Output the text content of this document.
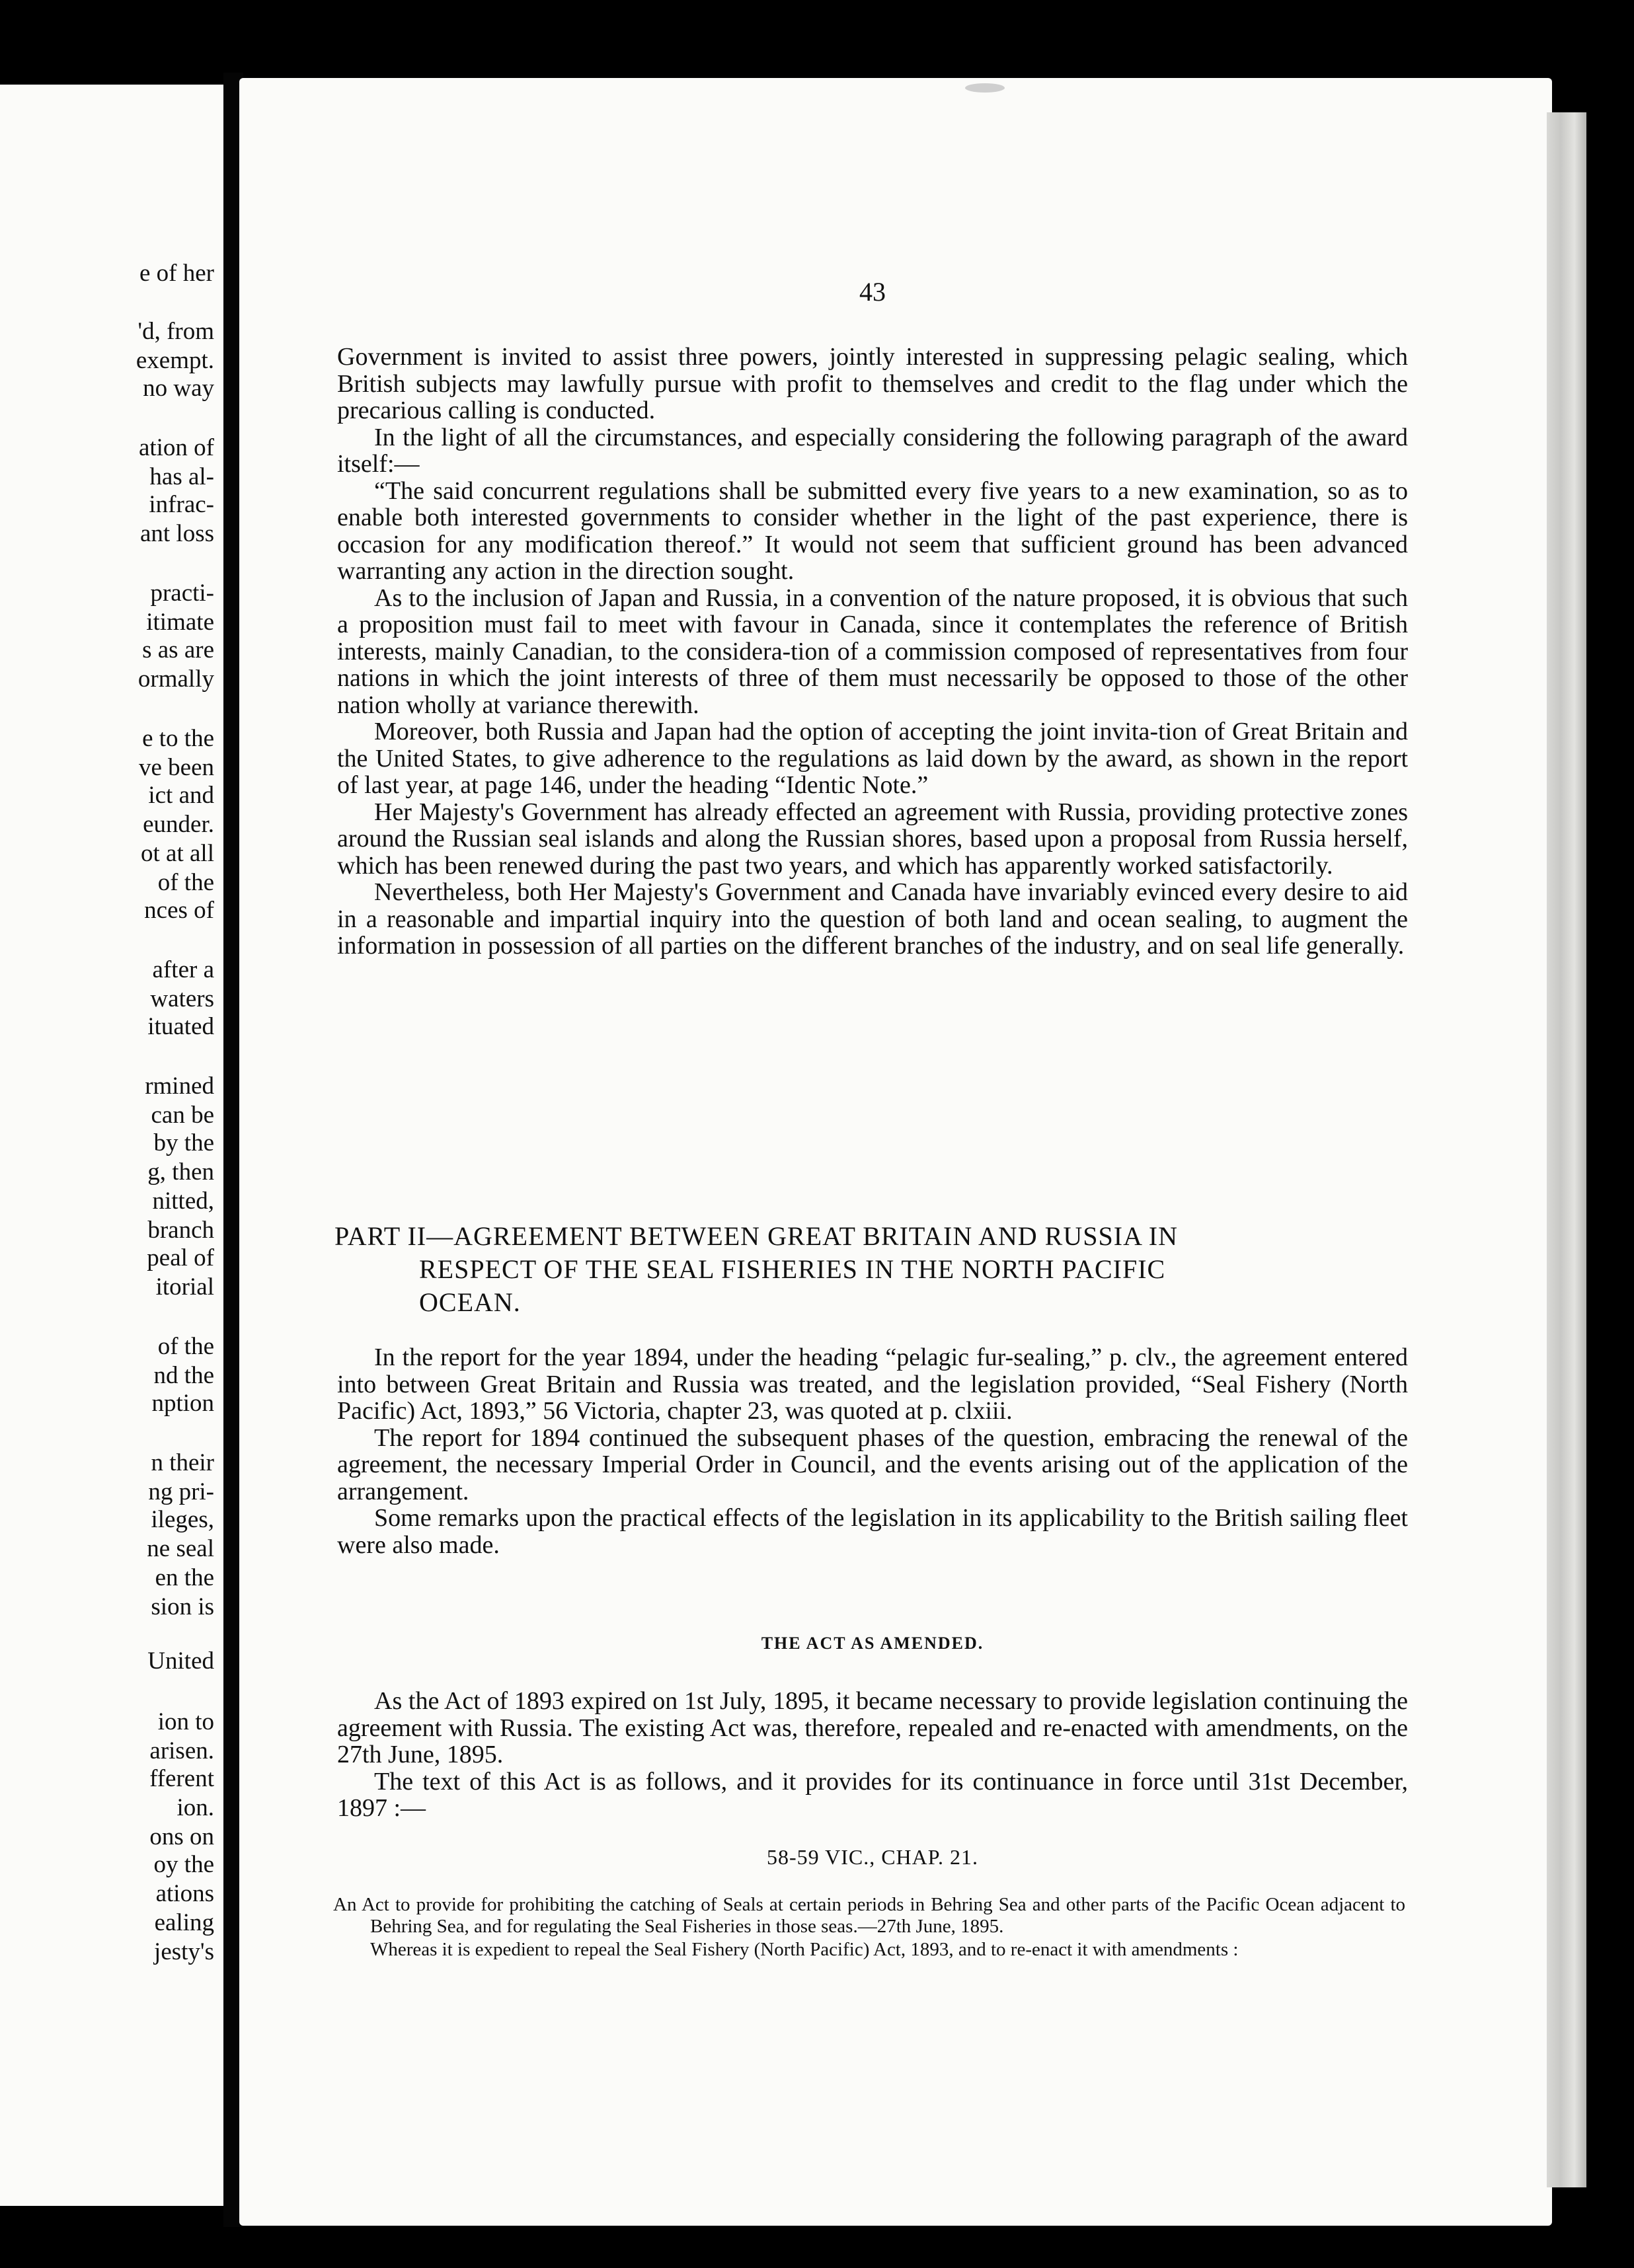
e of her
'd, from
exempt.
no way
ation of
has al-
infrac-
ant loss
practi-
itimate
s as are
ormally
e to the
ve been
ict and
eunder.
ot at all
of the
nces of
after a
waters
ituated
rmined
can be
by the
g, then
nitted,
branch
peal of
itorial
of the
nd the
nption
n their
ng pri-
ileges,
ne seal
en the
sion is
United
ion to
arisen.
fferent
ion.
ons on
oy the
ations
ealing
jesty's
43

Government is invited to assist three powers, jointly interested in suppressing pelagic sealing, which British subjects may lawfully pursue with profit to themselves and credit to the flag under which the precarious calling is conducted.

In the light of all the circumstances, and especially considering the following paragraph of the award itself:—

“The said concurrent regulations shall be submitted every five years to a new examination, so as to enable both interested governments to consider whether in the light of the past experience, there is occasion for any modification thereof.” It would not seem that sufficient ground has been advanced warranting any action in the direction sought.

As to the inclusion of Japan and Russia, in a convention of the nature proposed, it is obvious that such a proposition must fail to meet with favour in Canada, since it contemplates the reference of British interests, mainly Canadian, to the considera-tion of a commission composed of representatives from four nations in which the joint interests of three of them must necessarily be opposed to those of the other nation wholly at variance therewith.

Moreover, both Russia and Japan had the option of accepting the joint invita-tion of Great Britain and the United States, to give adherence to the regulations as laid down by the award, as shown in the report of last year, at page 146, under the heading “Identic Note.”

Her Majesty's Government has already effected an agreement with Russia, providing protective zones around the Russian seal islands and along the Russian shores, based upon a proposal from Russia herself, which has been renewed during the past two years, and which has apparently worked satisfactorily.

Nevertheless, both Her Majesty's Government and Canada have invariably evinced every desire to aid in a reasonable and impartial inquiry into the question of both land and ocean sealing, to augment the information in possession of all parties on the different branches of the industry, and on seal life generally.

PART II—AGREEMENT BETWEEN GREAT BRITAIN AND RUSSIA IN
RESPECT OF THE SEAL FISHERIES IN THE NORTH PACIFIC
OCEAN.

In the report for the year 1894, under the heading “pelagic fur-sealing,” p. clv., the agreement entered into between Great Britain and Russia was treated, and the legislation provided, “Seal Fishery (North Pacific) Act, 1893,” 56 Victoria, chapter 23, was quoted at p. clxiii.

The report for 1894 continued the subsequent phases of the question, embracing the renewal of the agreement, the necessary Imperial Order in Council, and the events arising out of the application of the arrangement.

Some remarks upon the practical effects of the legislation in its applicability to the British sailing fleet were also made.

THE ACT AS AMENDED.

As the Act of 1893 expired on 1st July, 1895, it became necessary to provide legislation continuing the agreement with Russia. The existing Act was, therefore, repealed and re-enacted with amendments, on the 27th June, 1895.

The text of this Act is as follows, and it provides for its continuance in force until 31st December, 1897 :—

58-59 VIC., CHAP. 21.

An Act to provide for prohibiting the catching of Seals at certain periods in Behring Sea and other parts of the Pacific Ocean adjacent to Behring Sea, and for regulating the Seal Fisheries in those seas.—27th June, 1895.

Whereas it is expedient to repeal the Seal Fishery (North Pacific) Act, 1893, and to re-enact it with amendments :
